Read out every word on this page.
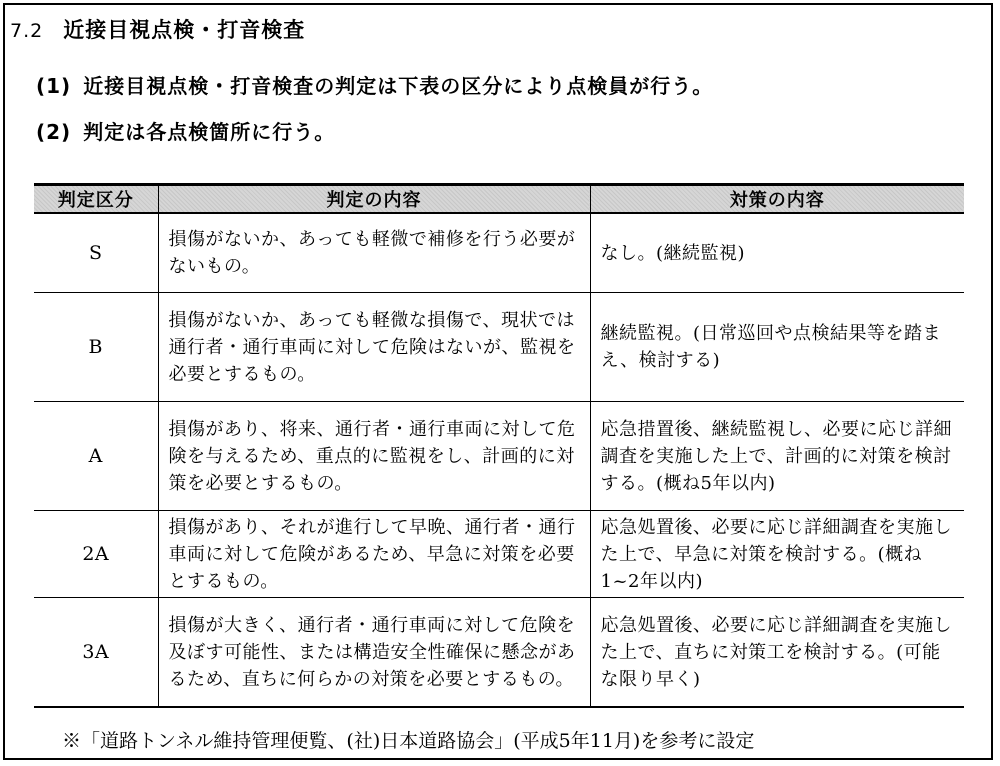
7.2 近接目視点検・打音検査
(1) 近接目視点検・打音検査の判定は下表の区分により点検員が行う。
(2) 判定は各点検箇所に行う。
判定区分	判定の内容	対策の内容
S	損傷がないか、あっても軽微で補修を行う必要がないもの。	なし。(継続監視)
B	損傷がないか、あっても軽微な損傷で、現状では通行者・通行車両に対して危険はないが、監視を必要とするもの。	継続監視。(日常巡回や点検結果等を踏まえ、検討する)
A	損傷があり、将来、通行者・通行車両に対して危険を与えるため、重点的に監視をし、計画的に対策を必要とするもの。	応急措置後、継続監視し、必要に応じ詳細調査を実施した上で、計画的に対策を検討する。(概ね5年以内)
2A	損傷があり、それが進行して早晩、通行者・通行車両に対して危険があるため、早急に対策を必要とするもの。	応急処置後、必要に応じ詳細調査を実施した上で、早急に対策を検討する。(概ね1~2年以内)
3A	損傷が大きく、通行者・通行車両に対して危険を及ぼす可能性、または構造安全性確保に懸念があるため、直ちに何らかの対策を必要とするもの。	応急処置後、必要に応じ詳細調査を実施した上で、直ちに対策工を検討する。(可能な限り早く)
※「道路トンネル維持管理便覧、(社)日本道路協会」(平成5年11月)を参考に設定
